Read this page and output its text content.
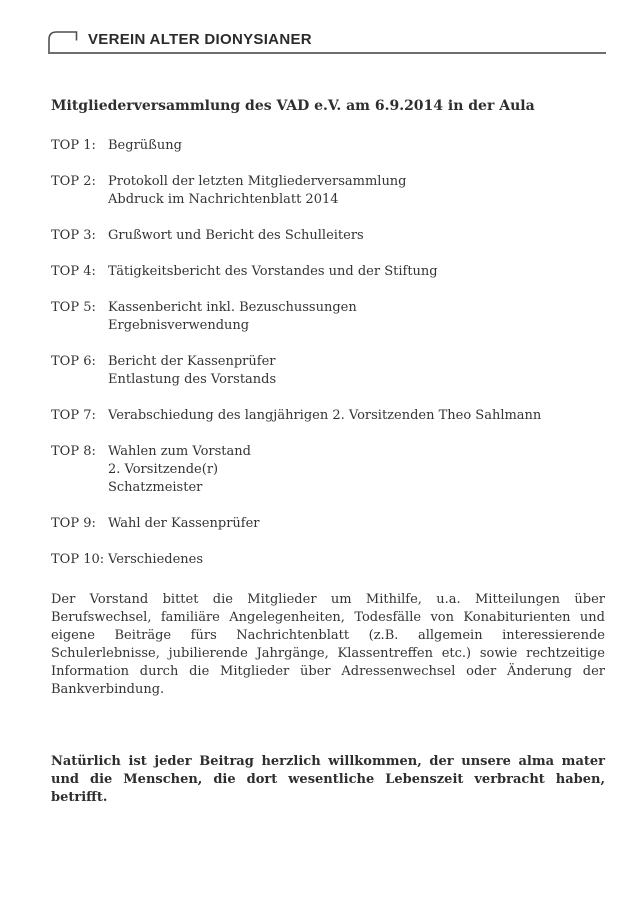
VEREIN ALTER DIONYSIANER
Mitgliederversammlung des VAD e.V. am 6.9.2014 in der Aula
TOP 1: Begrüßung
TOP 2: Protokoll der letzten Mitgliederversammlung
Abdruck im Nachrichtenblatt 2014
TOP 3: Grußwort und Bericht des Schulleiters
TOP 4: Tätigkeitsbericht des Vorstandes und der Stiftung
TOP 5: Kassenbericht inkl. Bezuschussungen
Ergebnisverwendung
TOP 6: Bericht der Kassenprüfer
Entlastung des Vorstands
TOP 7: Verabschiedung des langjährigen 2. Vorsitzenden Theo Sahlmann
TOP 8: Wahlen zum Vorstand
2. Vorsitzende(r)
Schatzmeister
TOP 9: Wahl der Kassenprüfer
TOP 10: Verschiedenes
Der Vorstand bittet die Mitglieder um Mithilfe, u.a. Mitteilungen über Berufswechsel, familiäre Angelegenheiten, Todesfälle von Konabiturienten und eigene Beiträge fürs Nachrichtenblatt (z.B. allgemein interessierende Schulerlebnisse, jubilierende Jahrgänge, Klassentreffen etc.) sowie rechtzeitige Information durch die Mitglieder über Adressenwechsel oder Änderung der Bankverbindung.
Natürlich ist jeder Beitrag herzlich willkommen, der unsere alma mater und die Menschen, die dort wesentliche Lebenszeit verbracht haben, betrifft.
